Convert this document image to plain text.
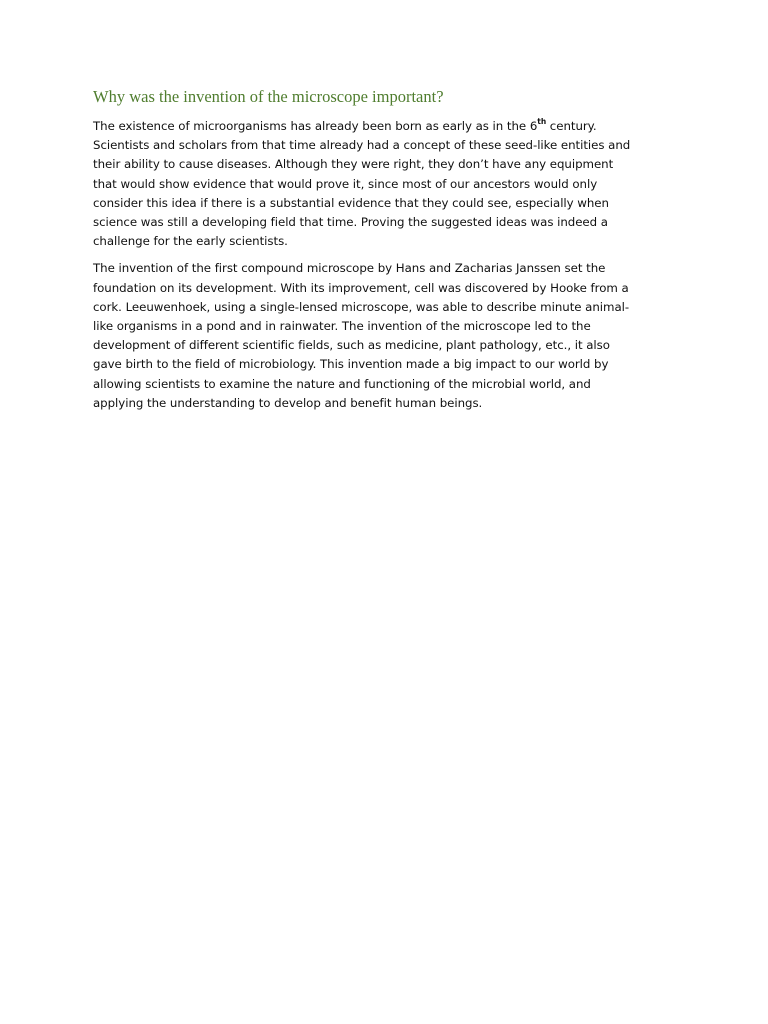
Why was the invention of the microscope important?

The existence of microorganisms has already been born as early as in the 6th century.
Scientists and scholars from that time already had a concept of these seed-like entities and
their ability to cause diseases. Although they were right, they don’t have any equipment
that would show evidence that would prove it, since most of our ancestors would only
consider this idea if there is a substantial evidence that they could see, especially when
science was still a developing field that time. Proving the suggested ideas was indeed a
challenge for the early scientists.

The invention of the first compound microscope by Hans and Zacharias Janssen set the
foundation on its development. With its improvement, cell was discovered by Hooke from a
cork. Leeuwenhoek, using a single-lensed microscope, was able to describe minute animal-
like organisms in a pond and in rainwater. The invention of the microscope led to the
development of different scientific fields, such as medicine, plant pathology, etc., it also
gave birth to the field of microbiology. This invention made a big impact to our world by
allowing scientists to examine the nature and functioning of the microbial world, and
applying the understanding to develop and benefit human beings.
